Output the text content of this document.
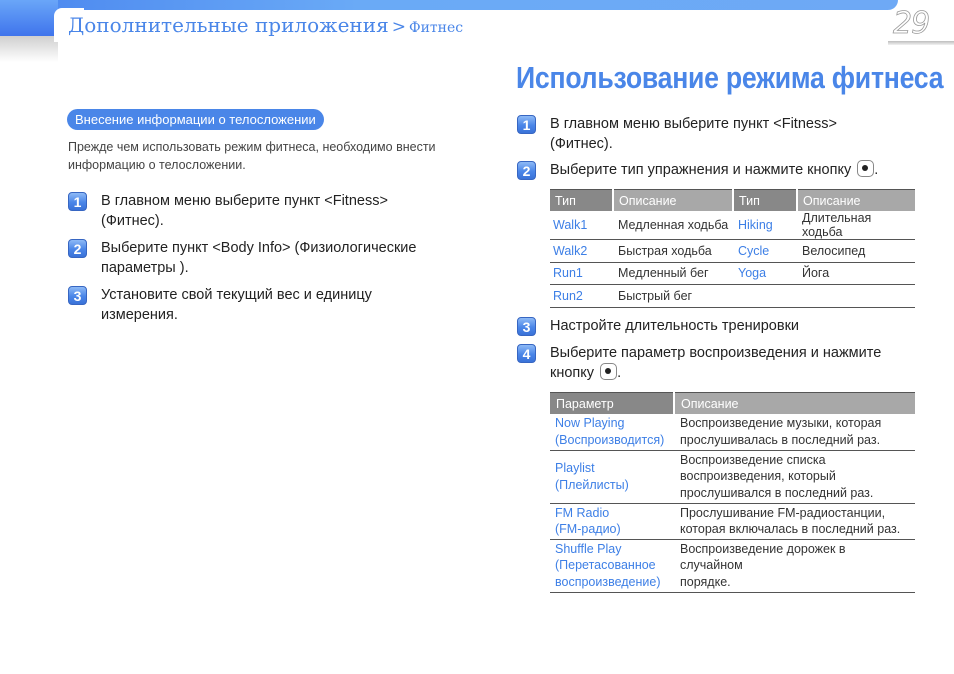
Дополнительные приложения > Фитнес	29
Внесение информации о телосложении
Прежде чем использовать режим фитнеса, необходимо внести информацию о телосложении.
1	В главном меню выберите пункт <Fitness>
(Фитнес).
2	Выберите пункт <Body Info> (Физиологические
параметры ).
3	Установите свой текущий вес и единицу
измерения.
Использование режима фитнеса
1	В главном меню выберите пункт <Fitness>
(Фитнес).
2	Выберите тип упражнения и нажмите кнопку .
Тип	Описание	Тип	Описание
Walk1	Медленная ходьба	Hiking	Длительная ходьба
Walk2	Быстрая ходьба	Cycle	Велосипед
Run1	Медленный бег	Yoga	Йога
Run2	Быстрый бег		
3	Настройте длительность тренировки
4	Выберите параметр воспроизведения и нажмите
кнопку .
Параметр	Описание
Now Playing
(Воспроизводится)	Воспроизведение музыки, которая
прослушивалась в последний раз.
Playlist
(Плейлисты)	Воспроизведение списка
воспроизведения, который
прослушивался в последний раз.
FM Radio
(FM-радио)	Прослушивание FM-радиостанции,
которая включалась в последний раз.
Shuffle Play
(Перетасованное
воспроизведение)	Воспроизведение дорожек в случайном
порядке.
